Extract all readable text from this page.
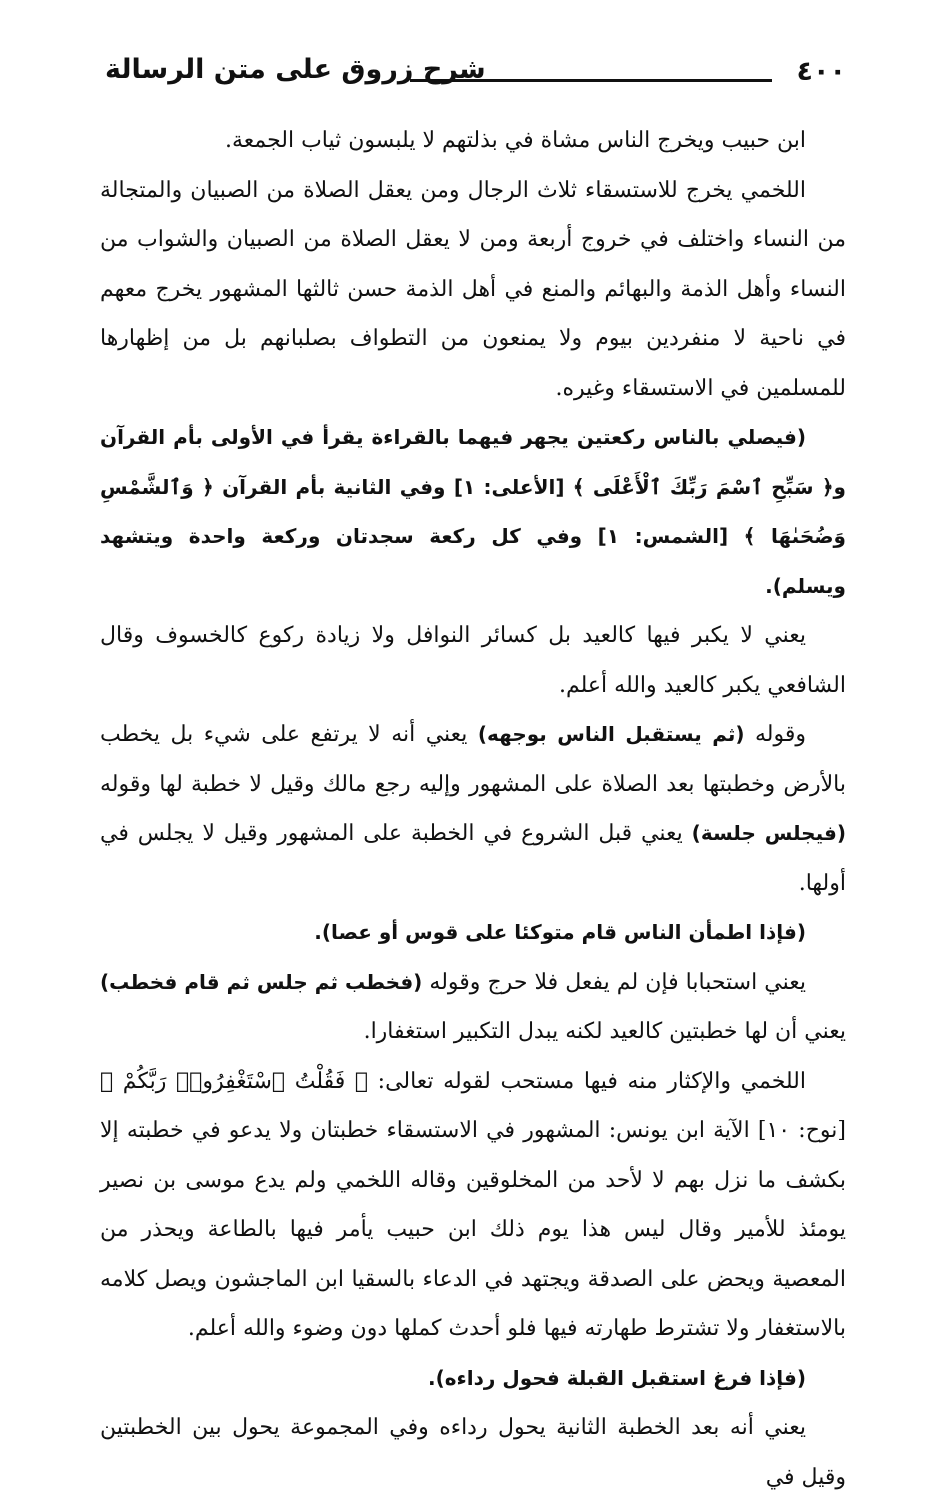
٤٠٠
شرح زروق على متن الرسالة

ابن حبيب ويخرج الناس مشاة في بذلتهم لا يلبسون ثياب الجمعة.

اللخمي يخرج للاستسقاء ثلاث الرجال ومن يعقل الصلاة من الصبيان والمتجالة من النساء واختلف في خروج أربعة ومن لا يعقل الصلاة من الصبيان والشواب من النساء وأهل الذمة والبهائم والمنع في أهل الذمة حسن ثالثها المشهور يخرج معهم في ناحية لا منفردين بيوم ولا يمنعون من التطواف بصلبانهم بل من إظهارها للمسلمين في الاستسقاء وغيره.

(فيصلي بالناس ركعتين يجهر فيهما بالقراءة يقرأ في الأولى بأم القرآن و﴿ سَبِّحِ ٱسْمَ رَبِّكَ ٱلْأَعْلَى ﴾ [الأعلى: ١] وفي الثانية بأم القرآن ﴿ وَٱلشَّمْسِ وَضُحَىٰهَا ﴾ [الشمس: ١] وفي كل ركعة سجدتان وركعة واحدة ويتشهد ويسلم).

يعني لا يكبر فيها كالعيد بل كسائر النوافل ولا زيادة ركوع كالخسوف وقال الشافعي يكبر كالعيد والله أعلم.

وقوله (ثم يستقبل الناس بوجهه) يعني أنه لا يرتفع على شيء بل يخطب بالأرض وخطبتها بعد الصلاة على المشهور وإليه رجع مالك وقيل لا خطبة لها وقوله (فيجلس جلسة) يعني قبل الشروع في الخطبة على المشهور وقيل لا يجلس في أولها.

(فإذا اطمأن الناس قام متوكئا على قوس أو عصا).

يعني استحبابا فإن لم يفعل فلا حرج وقوله (فخطب ثم جلس ثم قام فخطب) يعني أن لها خطبتين كالعيد لكنه يبدل التكبير استغفارا.

اللخمي والإكثار منه فيها مستحب لقوله تعالى: ﴿ فَقُلْتُ ٱسْتَغْفِرُوا۟ رَبَّكُمْ ﴾ [نوح: ١٠] الآية ابن يونس: المشهور في الاستسقاء خطبتان ولا يدعو في خطبته إلا بكشف ما نزل بهم لا لأحد من المخلوقين وقاله اللخمي ولم يدع موسى بن نصير يومئذ للأمير وقال ليس هذا يوم ذلك ابن حبيب يأمر فيها بالطاعة ويحذر من المعصية ويحض على الصدقة ويجتهد في الدعاء بالسقيا ابن الماجشون ويصل كلامه بالاستغفار ولا تشترط طهارته فيها فلو أحدث كملها دون وضوء والله أعلم.

(فإذا فرغ استقبل القبلة فحول رداءه).

يعني أنه بعد الخطبة الثانية يحول رداءه وفي المجموعة يحول بين الخطبتين وقيل في
